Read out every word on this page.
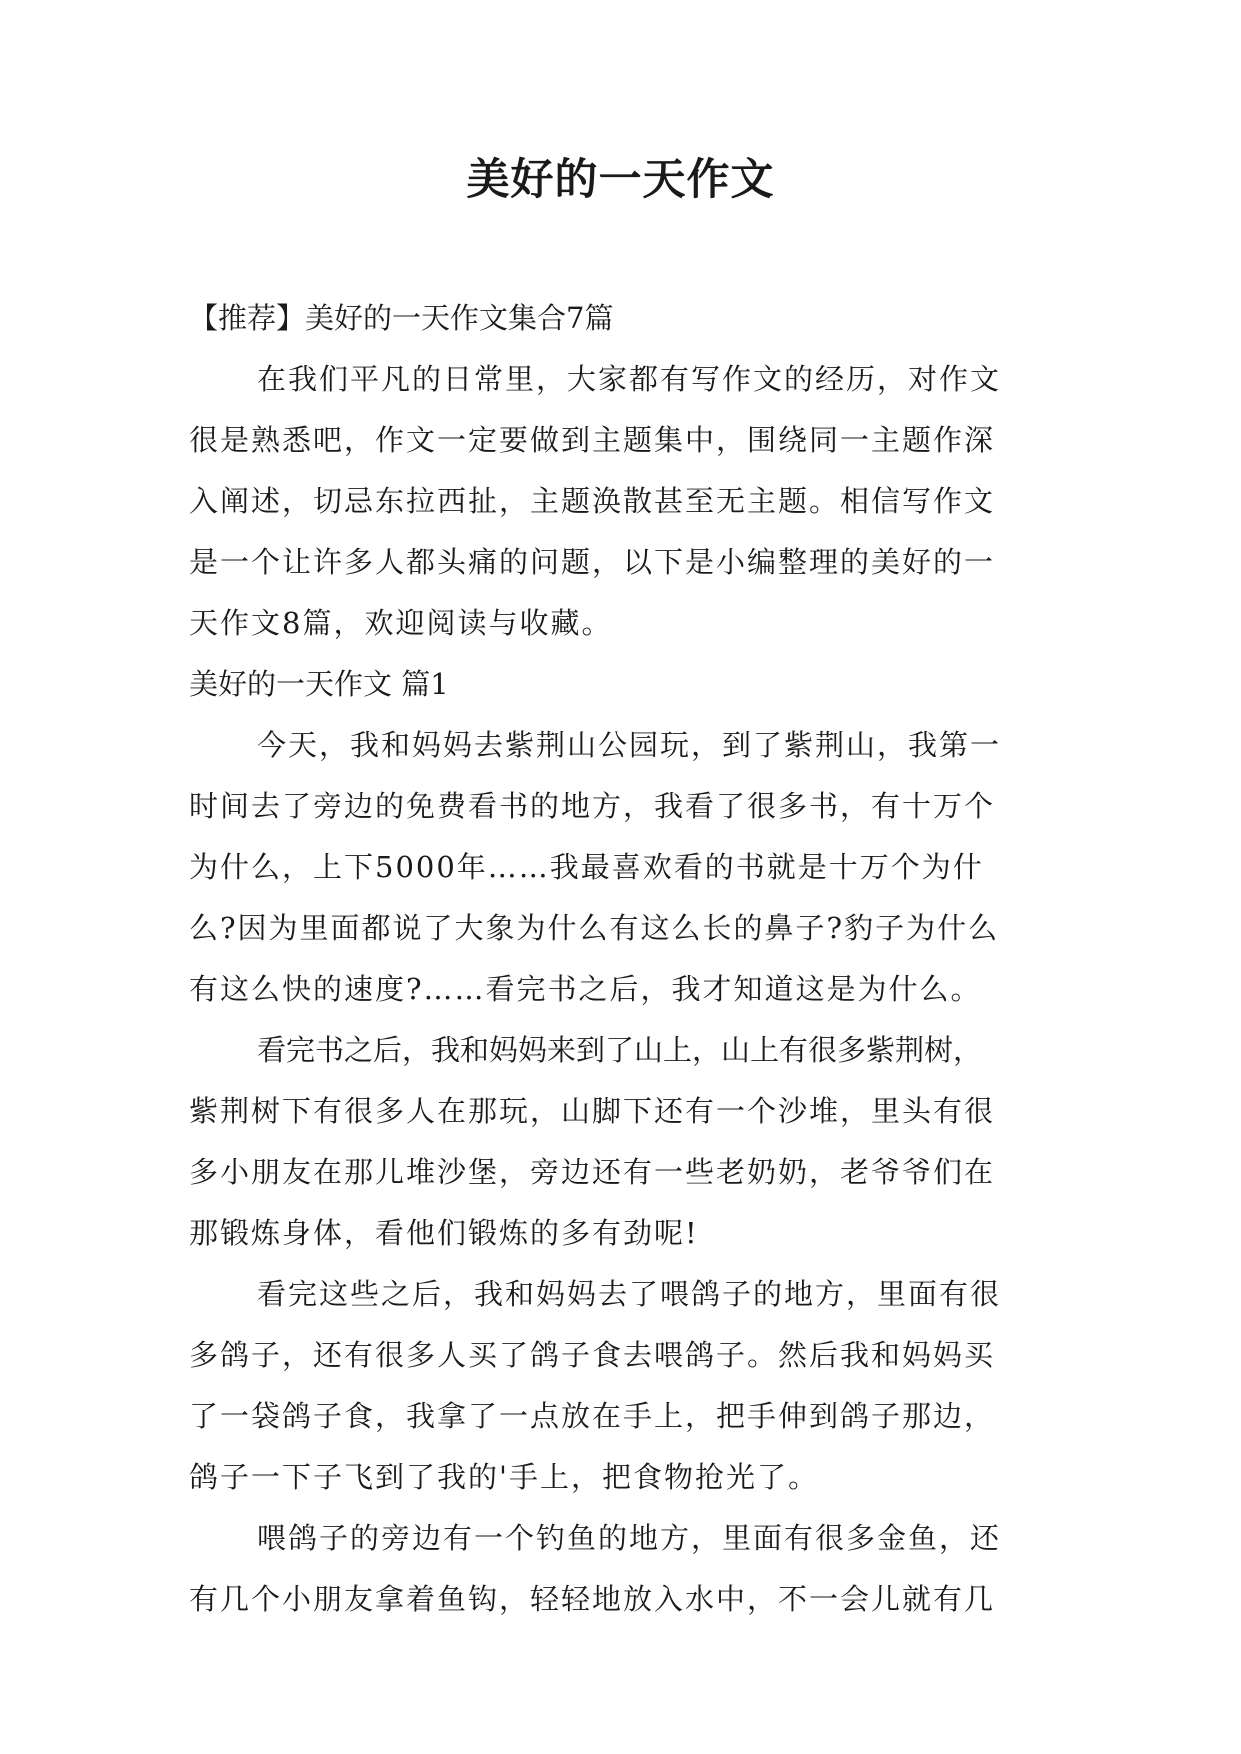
美好的一天作文
【推荐】美好的一天作文集合7篇
在我们平凡的日常里，大家都有写作文的经历，对作文
很是熟悉吧，作文一定要做到主题集中，围绕同一主题作深
入阐述，切忌东拉西扯，主题涣散甚至无主题。相信写作文
是一个让许多人都头痛的问题，以下是小编整理的美好的一
天作文8篇，欢迎阅读与收藏。
美好的一天作文 篇1
今天，我和妈妈去紫荆山公园玩，到了紫荆山，我第一
时间去了旁边的免费看书的地方，我看了很多书，有十万个
为什么，上下5000年……我最喜欢看的书就是十万个为什
么?因为里面都说了大象为什么有这么长的鼻子?豹子为什么
有这么快的速度?……看完书之后，我才知道这是为什么。
看完书之后，我和妈妈来到了山上，山上有很多紫荆树，
紫荆树下有很多人在那玩，山脚下还有一个沙堆，里头有很
多小朋友在那儿堆沙堡，旁边还有一些老奶奶，老爷爷们在
那锻炼身体，看他们锻炼的多有劲呢!
看完这些之后，我和妈妈去了喂鸽子的地方，里面有很
多鸽子，还有很多人买了鸽子食去喂鸽子。然后我和妈妈买
了一袋鸽子食，我拿了一点放在手上，把手伸到鸽子那边，
鸽子一下子飞到了我的'手上，把食物抢光了。
喂鸽子的旁边有一个钓鱼的地方，里面有很多金鱼，还
有几个小朋友拿着鱼钩，轻轻地放入水中，不一会儿就有几
